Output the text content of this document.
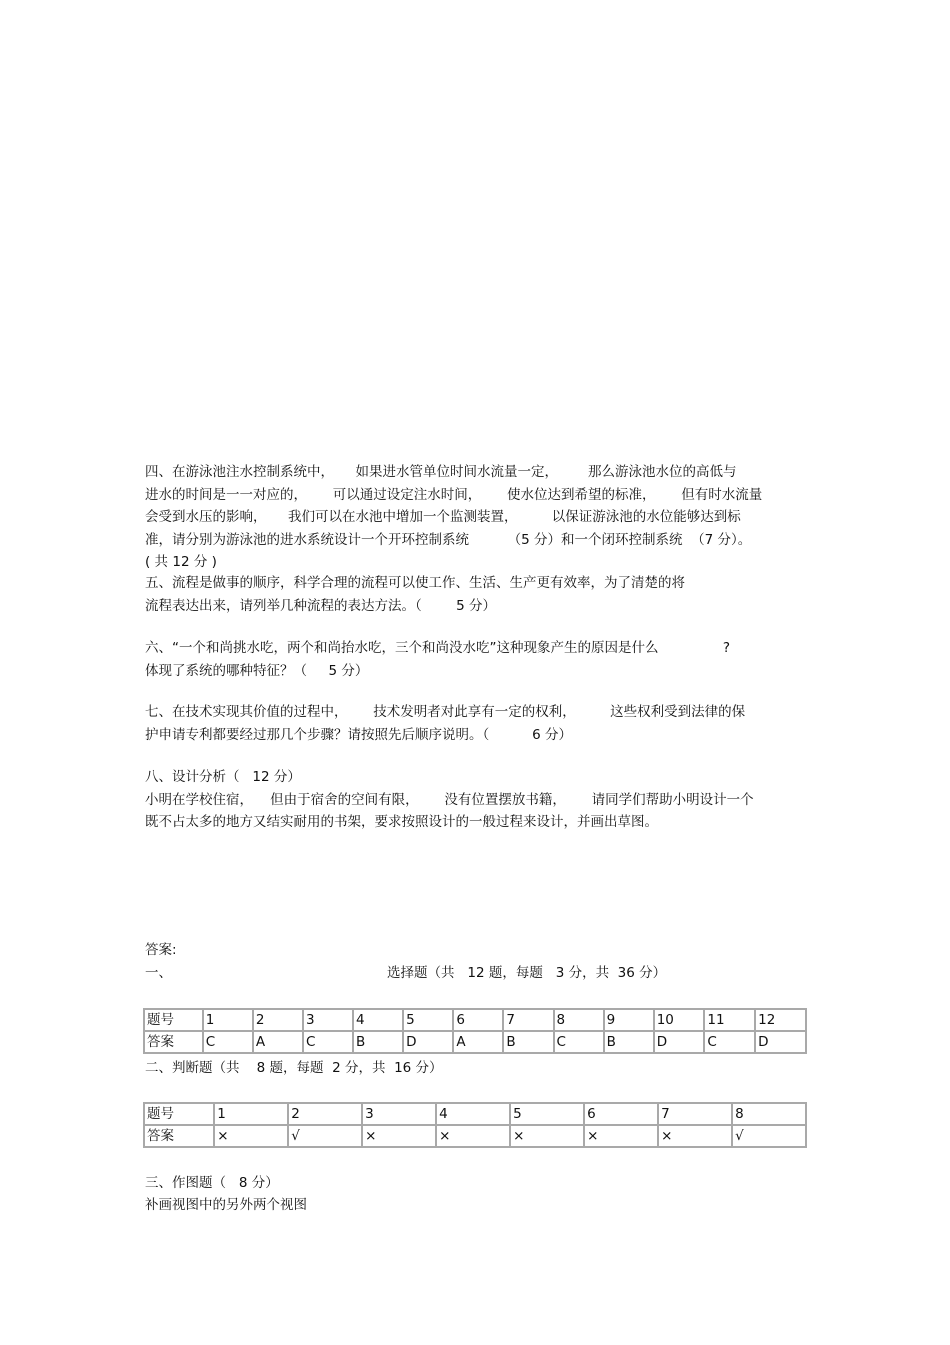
四、在游泳池注水控制系统中，     如果进水管单位时间水流量一定，       那么游泳池水位的高低与
进水的时间是一一对应的，      可以通过设定注水时间，      使水位达到希望的标准，      但有时水流量
会受到水压的影响，     我们可以在水池中增加一个监测装置，        以保证游泳池的水位能够达到标
准，请分别为游泳池的进水系统设计一个开环控制系统         （5 分）和一个闭环控制系统  （7 分）。
( 共 12 分 )
五、流程是做事的顺序，科学合理的流程可以使工作、生活、生产更有效率，为了清楚的将
流程表达出来，请列举几种流程的表达方法。（        5 分）
六、“一个和尚挑水吃，两个和尚抬水吃，三个和尚没水吃”这种现象产生的原因是什么               ?
体现了系统的哪种特征？（     5 分）
七、在技术实现其价值的过程中，      技术发明者对此享有一定的权利，        这些权利受到法律的保
护申请专利都要经过那几个步骤？请按照先后顺序说明。（          6 分）
八、设计分析（   12 分）
小明在学校住宿，    但由于宿舍的空间有限，      没有位置摆放书籍，      请同学们帮助小明设计一个
既不占太多的地方又结实耐用的书架，要求按照设计的一般过程来设计，并画出草图。
答案:
一、	选择题（共   12 题，每题   3 分，共  36 分）
题号	1	2	3	4	5	6	7	8	9	10	11	12
答案	C	A	C	B	D	A	B	C	B	D	C	D
二、判断题（共    8 题，每题  2 分，共  16 分）
题号	1	2	3	4	5	6	7	8
答案	×	√	×	×	×	×	×	√
三、作图题（   8 分）
补画视图中的另外两个视图
